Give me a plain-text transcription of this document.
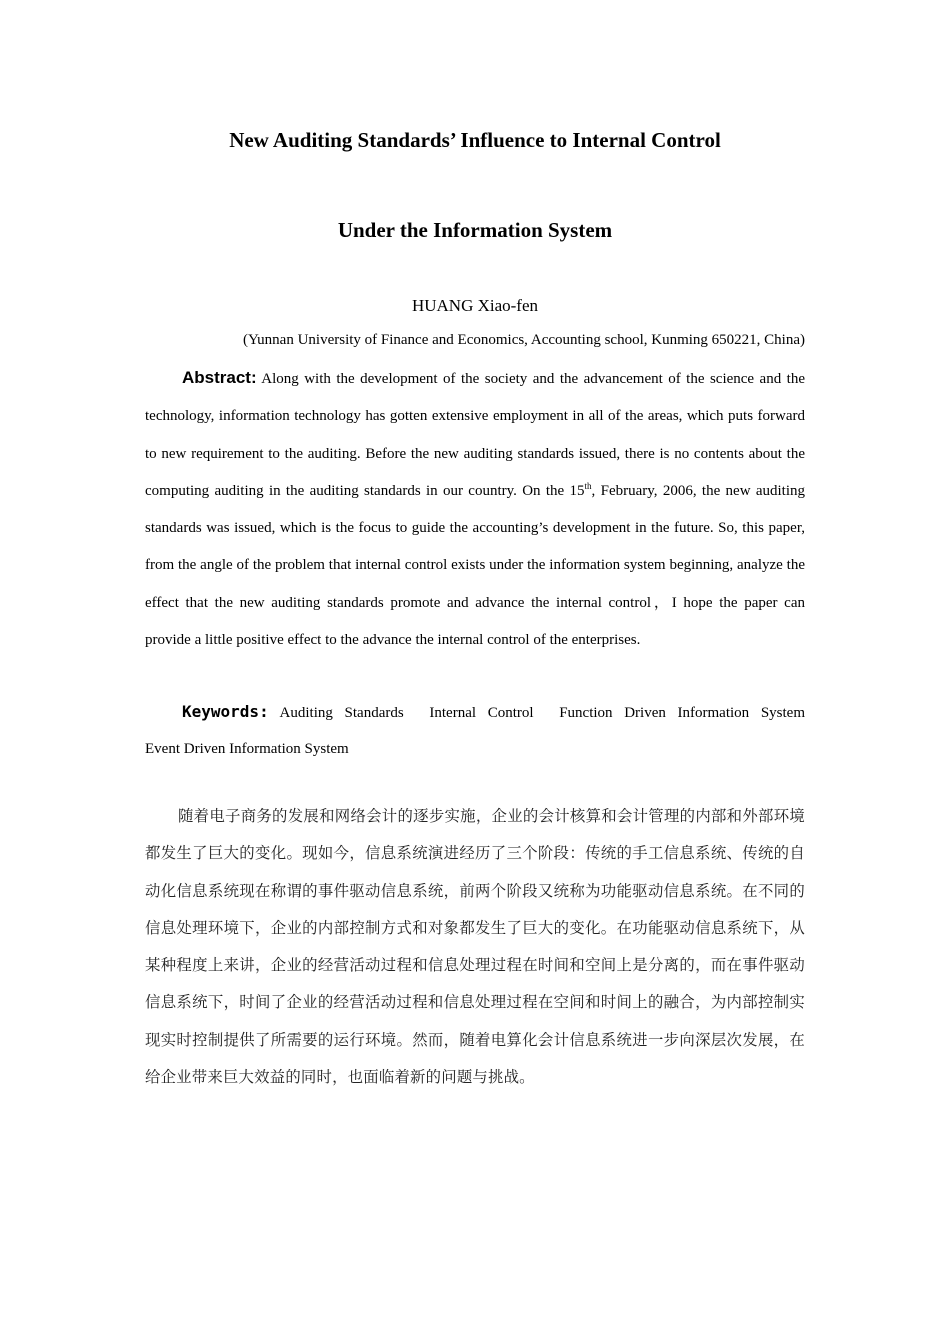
New Auditing Standards’ Influence to Internal Control
Under the Information System
HUANG Xiao-fen
(Yunnan University of Finance and Economics, Accounting school, Kunming 650221, China)

Abstract: Along with the development of the society and the advancement of the science and the technology, information technology has gotten extensive employment in all of the areas, which puts forward to new requirement to the auditing. Before the new auditing standards issued, there is no contents about the computing auditing in the auditing standards in our country. On the 15th, February, 2006, the new auditing standards was issued, which is the focus to guide the accounting’s development in the future. So, this paper, from the angle of the problem that internal control exists under the information system beginning, analyze the effect that the new auditing standards promote and advance the internal control，I hope the paper can provide a little positive effect to the advance the internal control of the enterprises.

Keywords: Auditing Standards Internal Control Function Driven Information System Event Driven Information System

随着电子商务的发展和网络会计的逐步实施，企业的会计核算和会计管理的内部和外部环境都发生了巨大的变化。现如今，信息系统演进经历了三个阶段：传统的手工信息系统、传统的自动化信息系统现在称谓的事件驱动信息系统，前两个阶段又统称为功能驱动信息系统。在不同的信息处理环境下，企业的内部控制方式和对象都发生了巨大的变化。在功能驱动信息系统下，从某种程度上来讲，企业的经营活动过程和信息处理过程在时间和空间上是分离的，而在事件驱动信息系统下，时间了企业的经营活动过程和信息处理过程在空间和时间上的融合，为内部控制实现实时控制提供了所需要的运行环境。然而，随着电算化会计信息系统进一步向深层次发展，在给企业带来巨大效益的同时，也面临着新的问题与挑战。
